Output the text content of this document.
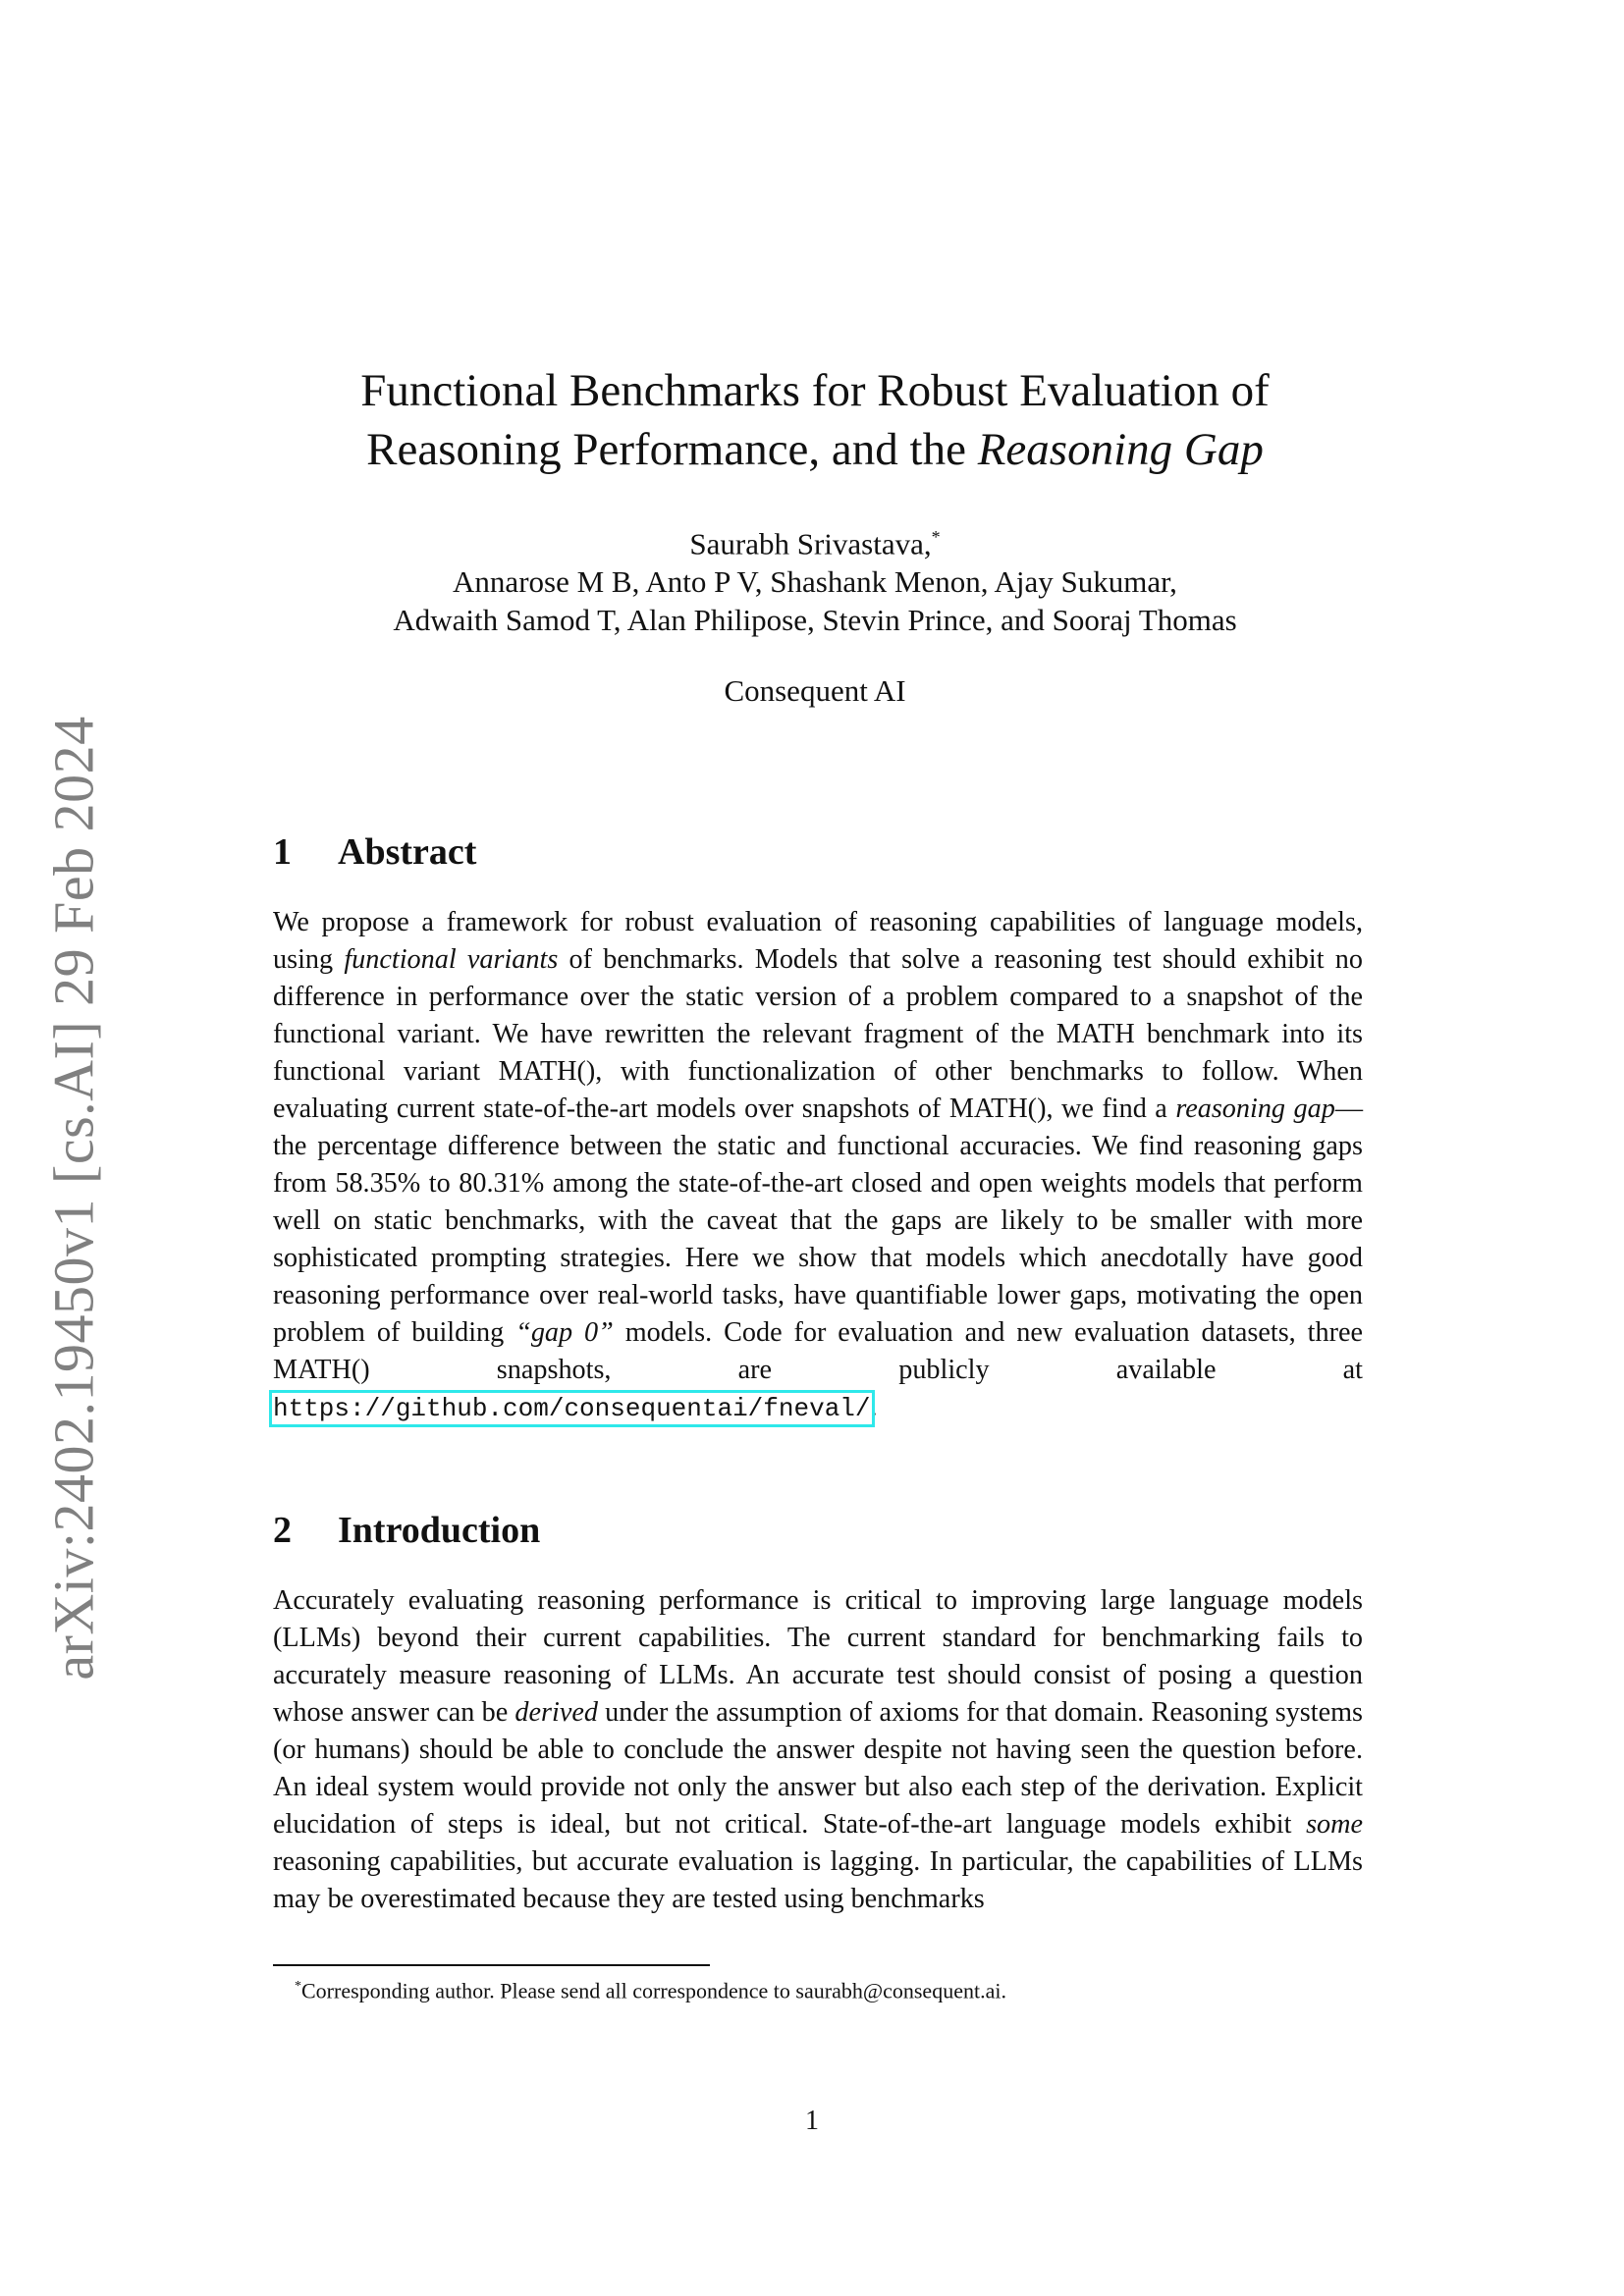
arXiv:2402.19450v1 [cs.AI] 29 Feb 2024
Functional Benchmarks for Robust Evaluation of
Reasoning Performance, and the Reasoning Gap
Saurabh Srivastava,*
Annarose M B, Anto P V, Shashank Menon, Ajay Sukumar,
Adwaith Samod T, Alan Philipose, Stevin Prince, and Sooraj Thomas
Consequent AI
1 Abstract

We propose a framework for robust evaluation of reasoning capabilities of language models, using functional variants of benchmarks. Models that solve a reasoning test should exhibit no difference in performance over the static version of a problem compared to a snapshot of the functional variant. We have rewritten the relevant fragment of the MATH benchmark into its functional variant MATH(), with functionalization of other benchmarks to follow. When evaluating current state-of-the-art models over snapshots of MATH(), we find a reasoning gap—the percentage difference between the static and functional accuracies. We find reasoning gaps from 58.35% to 80.31% among the state-of-the-art closed and open weights models that perform well on static benchmarks, with the caveat that the gaps are likely to be smaller with more sophisticated prompting strategies. Here we show that models which anecdotally have good reasoning performance over real-world tasks, have quantifiable lower gaps, motivating the open problem of building “gap 0” models. Code for evaluation and new evaluation datasets, three MATH() snapshots, are publicly available at https://github.com/consequentai/fneval/.

2 Introduction

Accurately evaluating reasoning performance is critical to improving large language models (LLMs) beyond their current capabilities. The current standard for benchmarking fails to accurately measure reasoning of LLMs. An accurate test should consist of posing a question whose answer can be derived under the assumption of axioms for that domain. Reasoning systems (or humans) should be able to conclude the answer despite not having seen the question before. An ideal system would provide not only the answer but also each step of the derivation. Explicit elucidation of steps is ideal, but not critical. State-of-the-art language models exhibit some reasoning capabilities, but accurate evaluation is lagging. In particular, the capabilities of LLMs may be overestimated because they are tested using benchmarks

*Corresponding author. Please send all correspondence to saurabh@consequent.ai.
1
